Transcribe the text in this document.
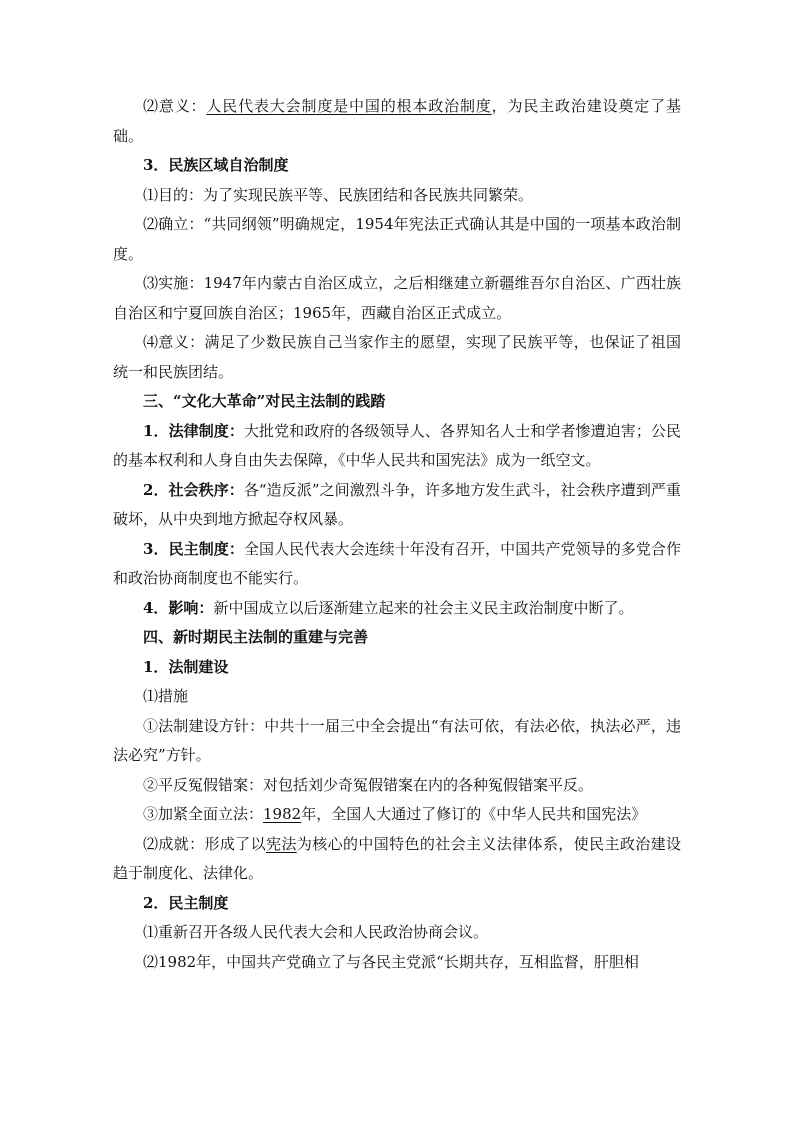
⑵意义：人民代表大会制度是中国的根本政治制度，为民主政治建设奠定了基础。

3．民族区域自治制度

⑴目的：为了实现民族平等、民族团结和各民族共同繁荣。

⑵确立：“共同纲领”明确规定，1954年宪法正式确认其是中国的一项基本政治制度。

⑶实施：1947年内蒙古自治区成立，之后相继建立新疆维吾尔自治区、广西壮族自治区和宁夏回族自治区；1965年，西藏自治区正式成立。

⑷意义：满足了少数民族自己当家作主的愿望，实现了民族平等，也保证了祖国统一和民族团结。

三、“文化大革命”对民主法制的践踏

1．法律制度：大批党和政府的各级领导人、各界知名人士和学者惨遭迫害；公民的基本权利和人身自由失去保障，《中华人民共和国宪法》成为一纸空文。

2．社会秩序：各“造反派”之间激烈斗争，许多地方发生武斗，社会秩序遭到严重破坏，从中央到地方掀起夺权风暴。

3．民主制度：全国人民代表大会连续十年没有召开，中国共产党领导的多党合作和政治协商制度也不能实行。

4．影响：新中国成立以后逐渐建立起来的社会主义民主政治制度中断了。

四、新时期民主法制的重建与完善

1．法制建设

⑴措施

①法制建设方针：中共十一届三中全会提出“有法可依，有法必依，执法必严，违法必究”方针。

②平反冤假错案：对包括刘少奇冤假错案在内的各种冤假错案平反。

③加紧全面立法：1982年，全国人大通过了修订的《中华人民共和国宪法》

⑵成就：形成了以宪法为核心的中国特色的社会主义法律体系，使民主政治建设趋于制度化、法律化。

2．民主制度

⑴重新召开各级人民代表大会和人民政治协商会议。

⑵1982年，中国共产党确立了与各民主党派“长期共存，互相监督，肝胆相
